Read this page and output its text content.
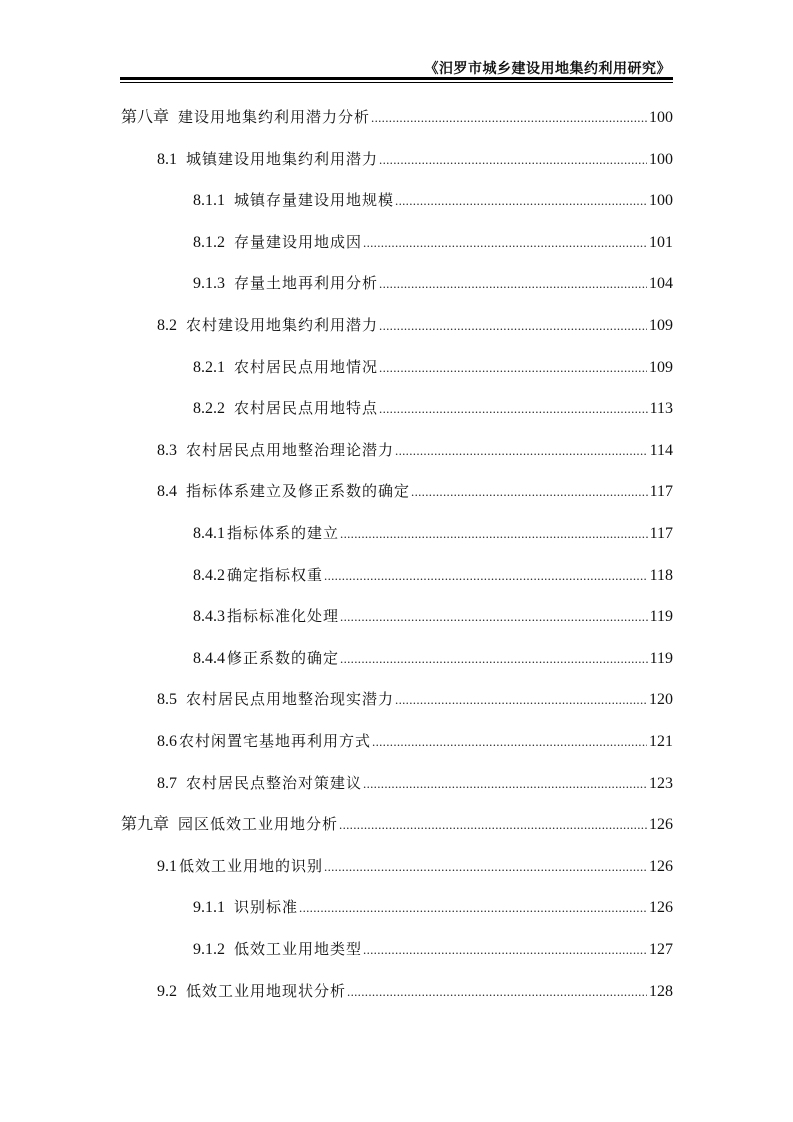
《汨罗市城乡建设用地集约利用研究》
第八章 建设用地集约利用潜力分析 .....	100
8.1 城镇建设用地集约利用潜力 .....	100
8.1.1 城镇存量建设用地规模 .....	100
8.1.2 存量建设用地成因 .....	101
9.1.3 存量土地再利用分析 .....	104
8.2 农村建设用地集约利用潜力 .....	109
8.2.1 农村居民点用地情况 .....	109
8.2.2 农村居民点用地特点 .....	113
8.3 农村居民点用地整治理论潜力 .....	114
8.4 指标体系建立及修正系数的确定 .....	117
8.4.1 指标体系的建立 .....	117
8.4.2 确定指标权重 .....	118
8.4.3 指标标准化处理 .....	119
8.4.4 修正系数的确定 .....	119
8.5 农村居民点用地整治现实潜力 .....	120
8.6 农村闲置宅基地再利用方式 .....	121
8.7 农村居民点整治对策建议 .....	123
第九章 园区低效工业用地分析 .....	126
9.1 低效工业用地的识别 .....	126
9.1.1 识别标准 .....	126
9.1.2 低效工业用地类型 .....	127
9.2 低效工业用地现状分析 .....	128
